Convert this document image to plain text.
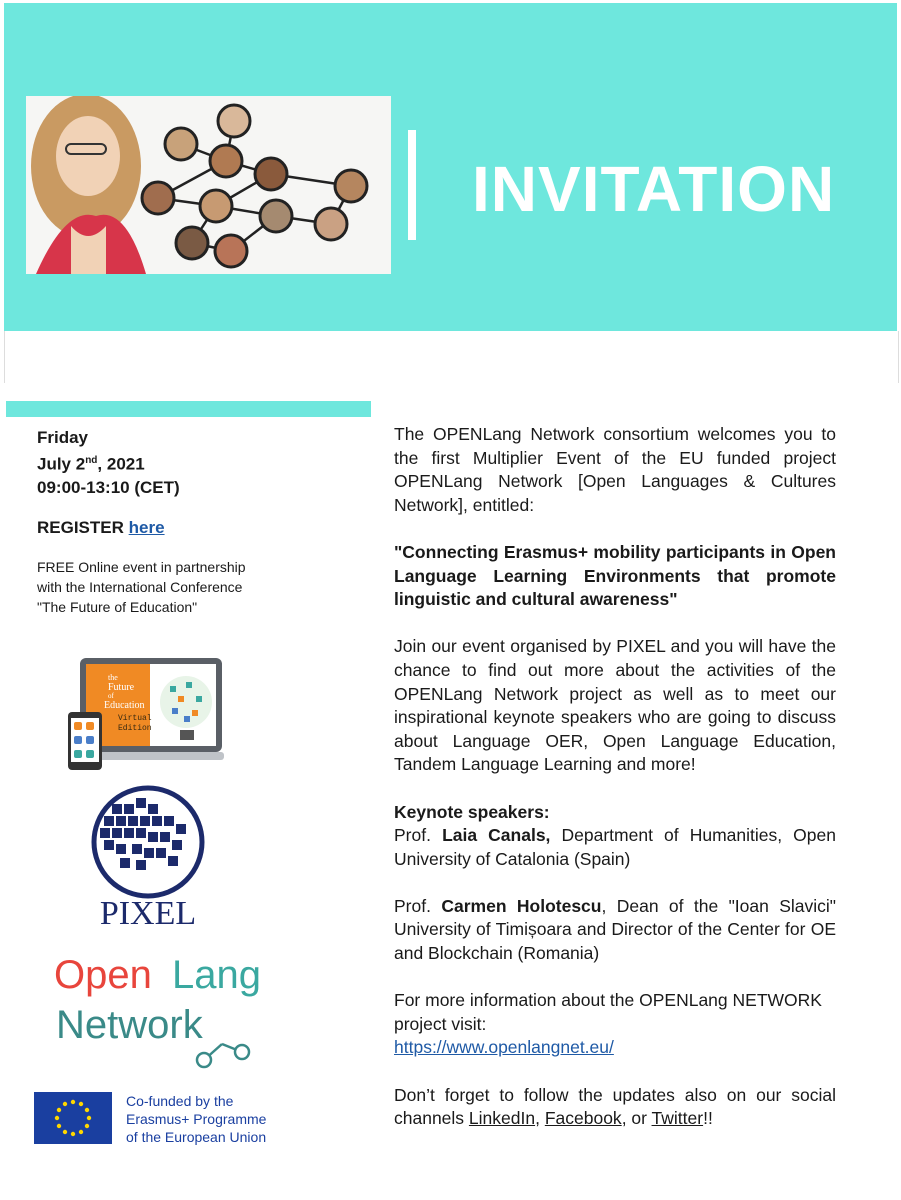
INVITATION
Friday
July 2nd, 2021
09:00-13:10 (CET)
REGISTER here
FREE Online event in partnership
with the International Conference
"The Future of Education"
the
Future
of
Education
Virtual
Edition
PIXEL
Open Lang
Network
Co-funded by the
Erasmus+ Programme
of the European Union

The OPENLang Network consortium welcomes you to the first Multiplier Event of the EU funded project OPENLang Network [Open Languages & Cultures Network], entitled:

"Connecting Erasmus+ mobility participants in Open Language Learning Environments that promote linguistic and cultural awareness"

Join our event organised by PIXEL and you will have the chance to find out more about the activities of the OPENLang Network project as well as to meet our inspirational keynote speakers who are going to discuss about Language OER, Open Language Education, Tandem Language Learning and more!

Keynote speakers:

Prof. Laia Canals, Department of Humanities, Open University of Catalonia (Spain)

Prof. Carmen Holotescu, Dean of the "Ioan Slavici" University of Timișoara and Director of the Center for OE and Blockchain (Romania)

For more information about the OPENLang NETWORK project visit:

https://www.openlangnet.eu/

Don’t forget to follow the updates also on our social channels LinkedIn, Facebook, or Twitter!!
